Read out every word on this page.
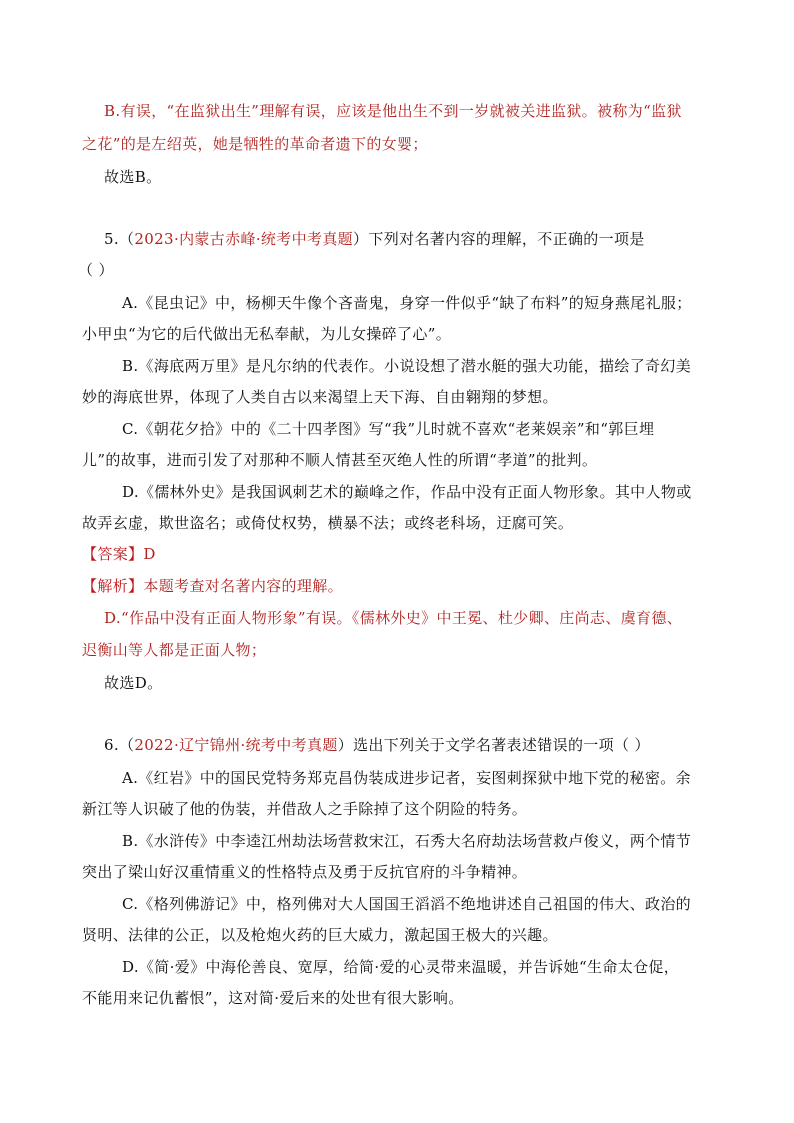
B.有误，“在监狱出生”理解有误，应该是他出生不到一岁就被关进监狱。被称为“监狱
之花”的是左绍英，她是牺牲的革命者遗下的女婴；
故选B。
5.（2023·内蒙古赤峰·统考中考真题）下列对名著内容的理解，不正确的一项是
（ ）
A.《昆虫记》中，杨柳天牛像个吝啬鬼，身穿一件似乎“缺了布料”的短身燕尾礼服；
小甲虫“为它的后代做出无私奉献，为儿女操碎了心”。
B.《海底两万里》是凡尔纳的代表作。小说设想了潜水艇的强大功能，描绘了奇幻美
妙的海底世界，体现了人类自古以来渴望上天下海、自由翱翔的梦想。
C.《朝花夕拾》中的《二十四孝图》写“我”儿时就不喜欢“老莱娱亲”和“郭巨埋
儿”的故事，进而引发了对那种不顺人情甚至灭绝人性的所谓“孝道”的批判。
D.《儒林外史》是我国讽刺艺术的巅峰之作，作品中没有正面人物形象。其中人物或
故弄玄虚，欺世盗名；或倚仗权势，横暴不法；或终老科场，迂腐可笑。
【答案】D
【解析】本题考查对名著内容的理解。
D.“作品中没有正面人物形象”有误。《儒林外史》中王冕、杜少卿、庄尚志、虞育德、
迟衡山等人都是正面人物；
故选D。
6.（2022·辽宁锦州·统考中考真题）选出下列关于文学名著表述错误的一项（ ）
A.《红岩》中的国民党特务郑克昌伪装成进步记者，妄图刺探狱中地下党的秘密。余
新江等人识破了他的伪装，并借敌人之手除掉了这个阴险的特务。
B.《水浒传》中李逵江州劫法场营救宋江，石秀大名府劫法场营救卢俊义，两个情节
突出了梁山好汉重情重义的性格特点及勇于反抗官府的斗争精神。
C.《格列佛游记》中，格列佛对大人国国王滔滔不绝地讲述自己祖国的伟大、政治的
贤明、法律的公正，以及枪炮火药的巨大威力，激起国王极大的兴趣。
D.《简·爱》中海伦善良、宽厚，给简·爱的心灵带来温暖，并告诉她“生命太仓促，
不能用来记仇蓄恨”，这对简·爱后来的处世有很大影响。
